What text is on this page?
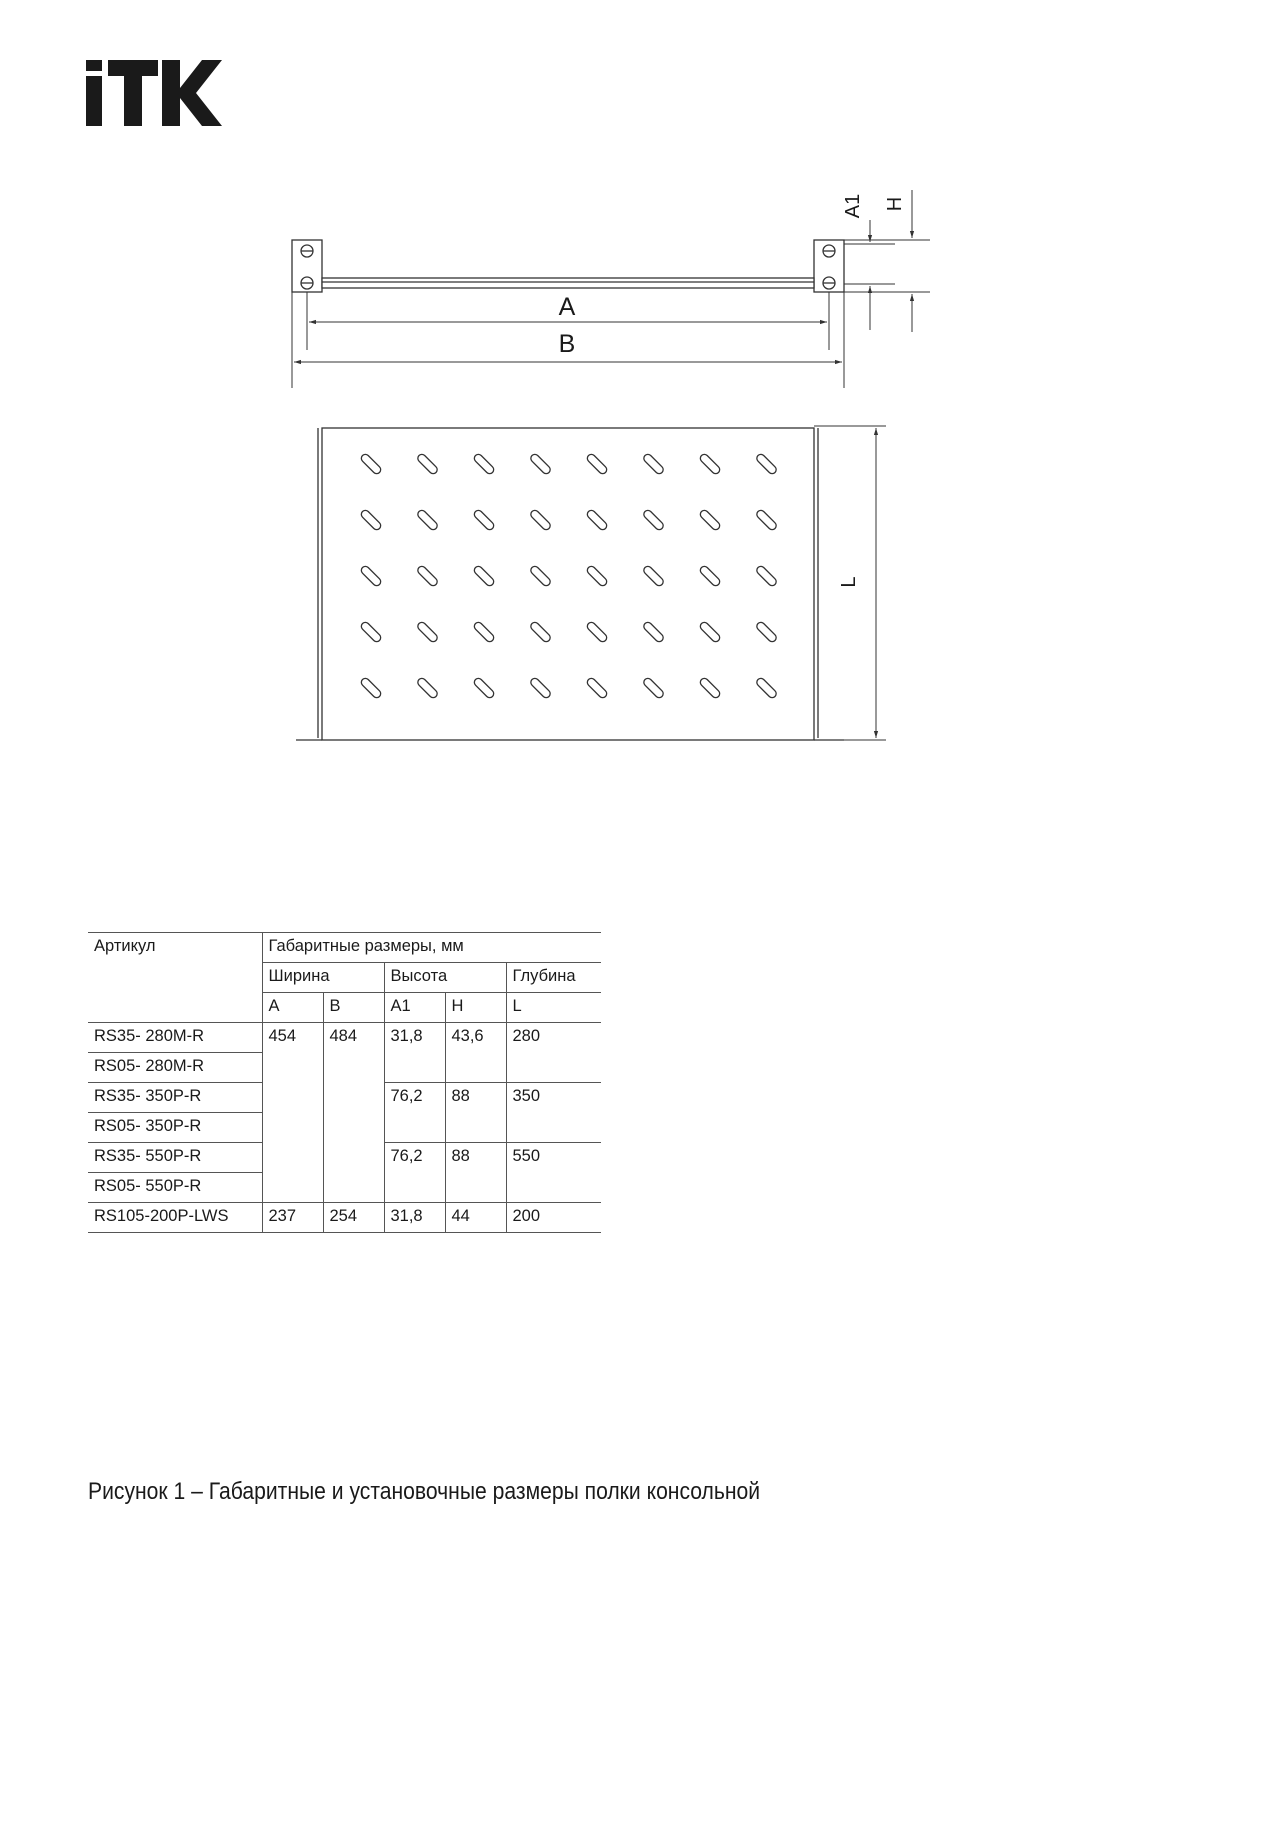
A
B
A1 H
L
Артикул	Габаритные размеры, мм				
	Ширина		Высота		Глубина
	A	B	A1	H	L
RS35- 280M-R	454	484	31,8	43,6	280
RS05- 280M-R					
RS35- 350P-R			76,2	88	350
RS05- 350P-R					
RS35- 550P-R			76,2	88	550
RS05- 550P-R					
RS105-200P-LWS	237	254	31,8	44	200
Рисунок 1 – Габаритные и установочные размеры полки консольной
